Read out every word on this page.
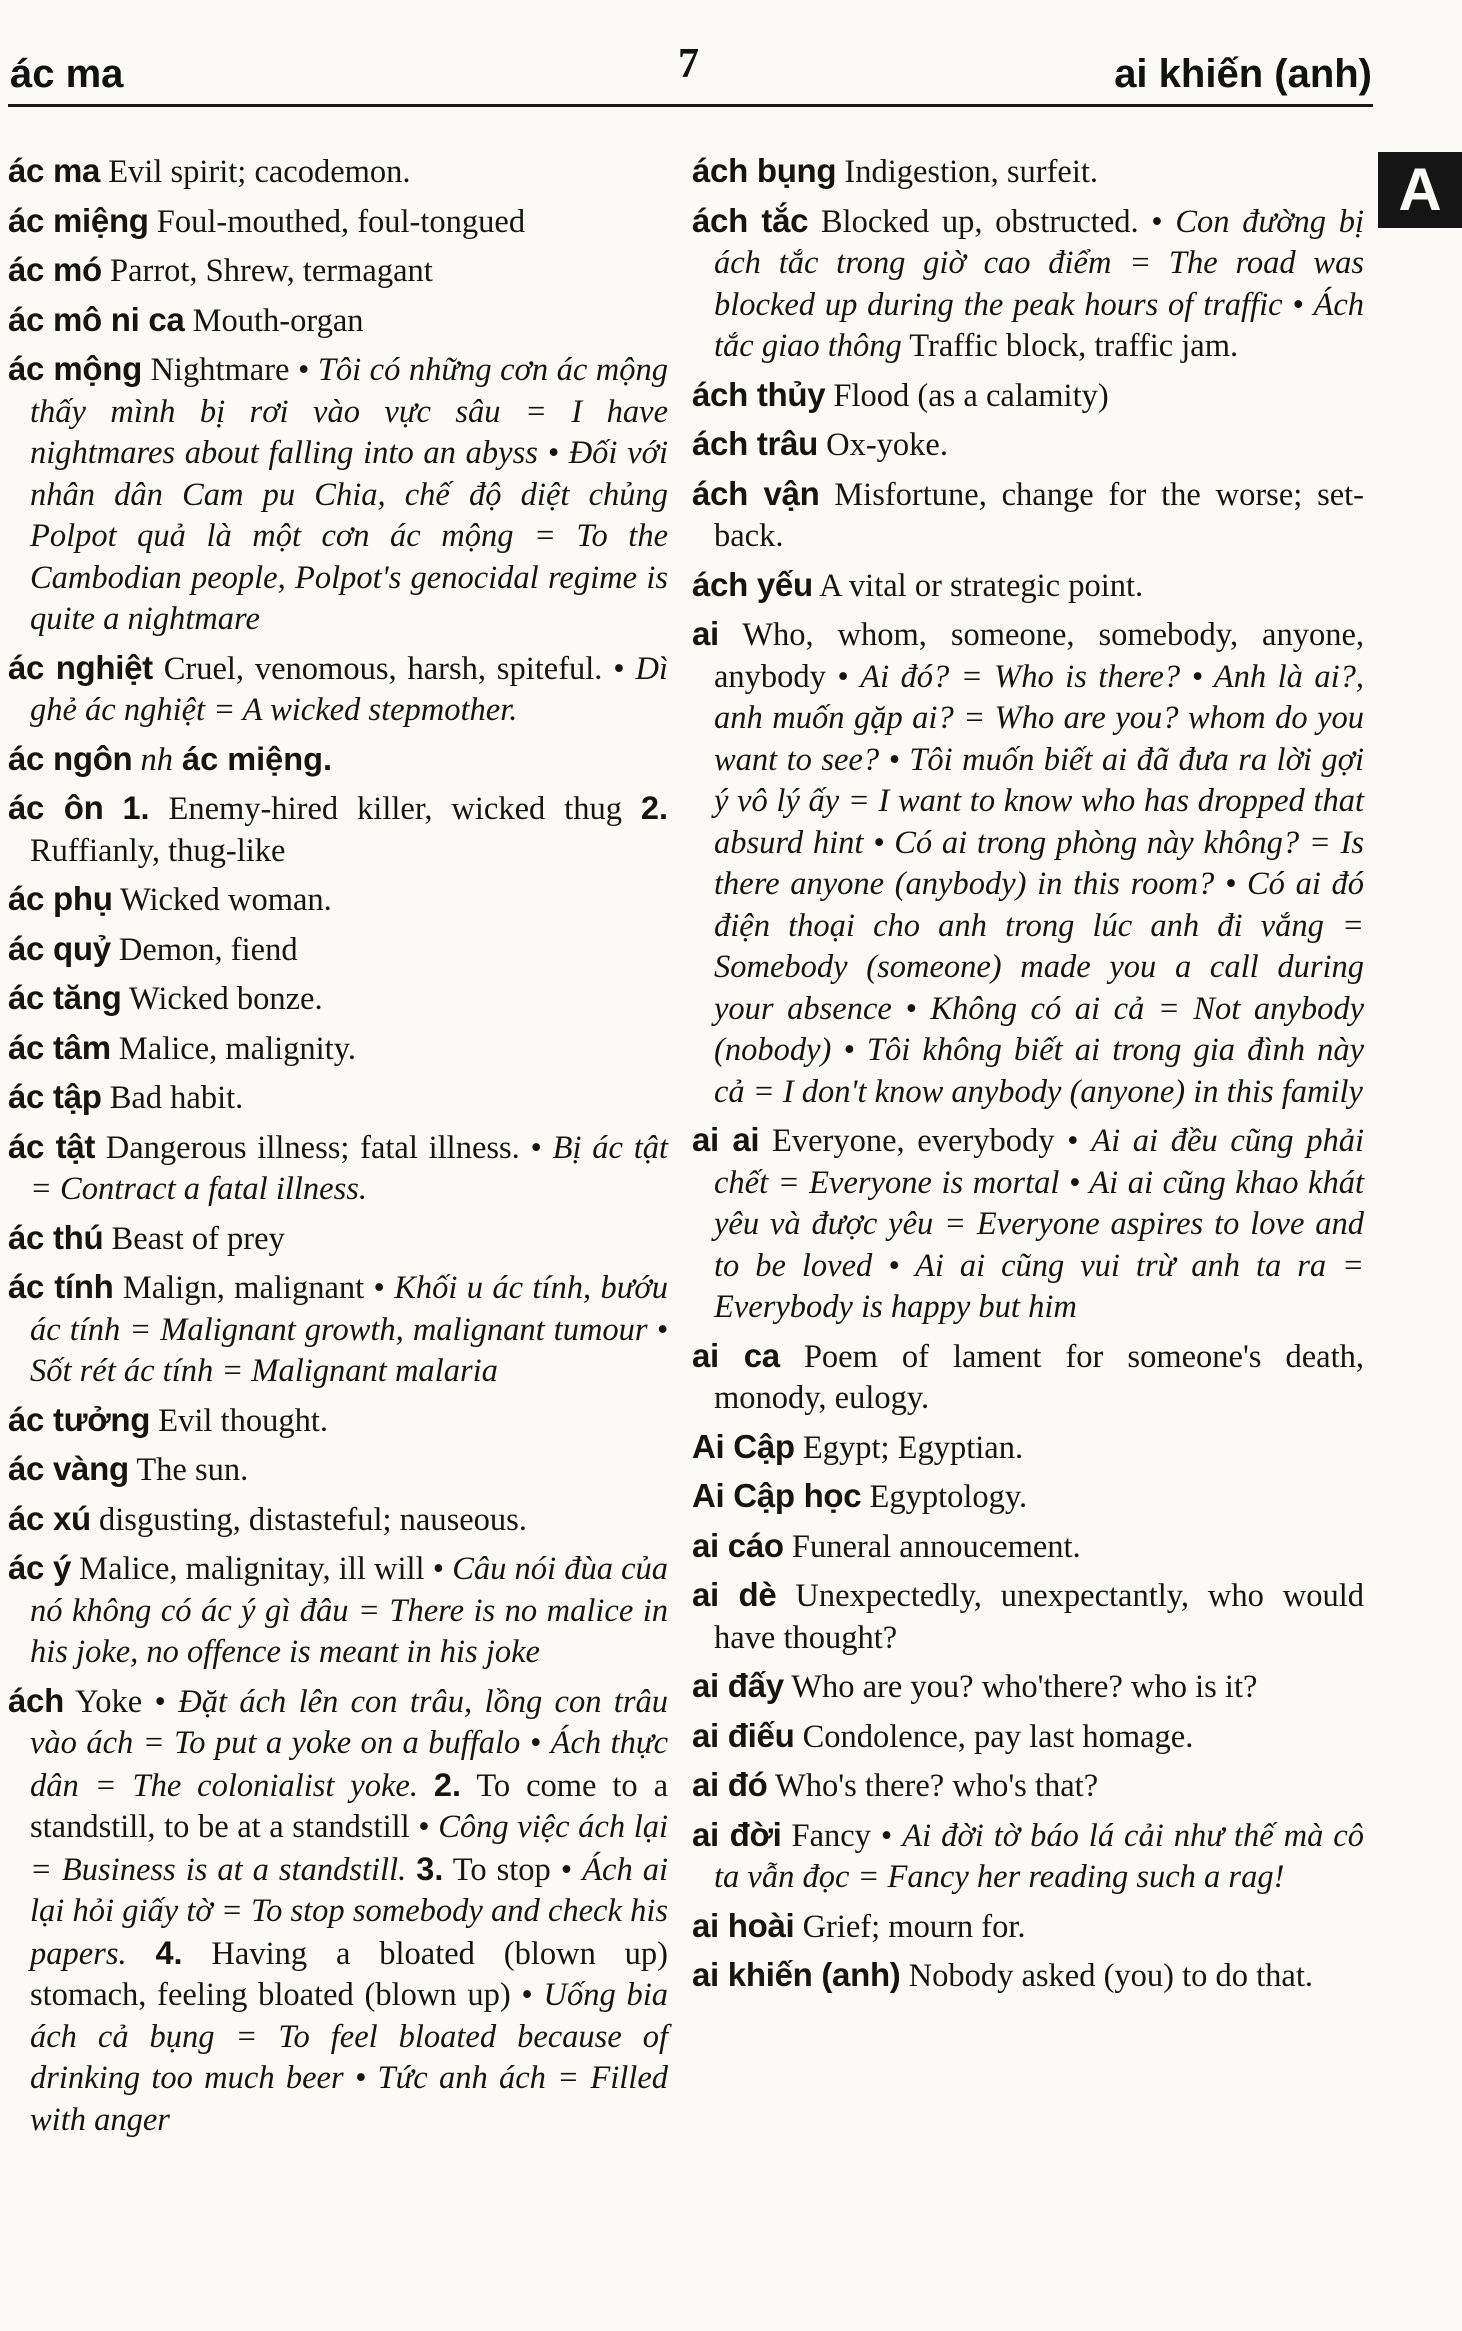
ác ma	7	ai khiến (anh)
A

ác ma Evil spirit; cacodemon.

ác miệng Foul-mouthed, foul-tongued

ác mó Parrot, Shrew, termagant

ác mô ni ca Mouth-organ

ác mộng Nightmare • Tôi có những cơn ác mộng thấy mình bị rơi vào vực sâu = I have nightmares about falling into an abyss • Đối với nhân dân Cam pu Chia, chế độ diệt chủng Polpot quả là một cơn ác mộng = To the Cambodian people, Polpot's genocidal regime is quite a nightmare

ác nghiệt Cruel, venomous, harsh, spiteful. • Dì ghẻ ác nghiệt = A wicked stepmother.

ác ngôn nh ác miệng.

ác ôn 1. Enemy-hired killer, wicked thug 2. Ruffianly, thug-like

ác phụ Wicked woman.

ác quỷ Demon, fiend

ác tăng Wicked bonze.

ác tâm Malice, malignity.

ác tập Bad habit.

ác tật Dangerous illness; fatal illness. • Bị ác tật = Contract a fatal illness.

ác thú Beast of prey

ác tính Malign, malignant • Khối u ác tính, bướu ác tính = Malignant growth, malignant tumour • Sốt rét ác tính = Malignant malaria

ác tưởng Evil thought.

ác vàng The sun.

ác xú disgusting, distasteful; nauseous.

ác ý Malice, malignitay, ill will • Câu nói đùa của nó không có ác ý gì đâu = There is no malice in his joke, no offence is meant in his joke

ách Yoke • Đặt ách lên con trâu, lồng con trâu vào ách = To put a yoke on a buffalo • Ách thực dân = The colonialist yoke. 2. To come to a standstill, to be at a standstill • Công việc ách lại = Business is at a standstill. 3. To stop • Ách ai lại hỏi giấy tờ = To stop somebody and check his papers. 4. Having a bloated (blown up) stomach, feeling bloated (blown up) • Uống bia ách cả bụng = To feel bloated because of drinking too much beer • Tức anh ách = Filled with anger

ách bụng Indigestion, surfeit.

ách tắc Blocked up, obstructed. • Con đường bị ách tắc trong giờ cao điểm = The road was blocked up during the peak hours of traffic • Ách tắc giao thông Traffic block, traffic jam.

ách thủy Flood (as a calamity)

ách trâu Ox-yoke.

ách vận Misfortune, change for the worse; set-back.

ách yếu A vital or strategic point.

ai Who, whom, someone, somebody, anyone, anybody • Ai đó? = Who is there? • Anh là ai?, anh muốn gặp ai? = Who are you? whom do you want to see? • Tôi muốn biết ai đã đưa ra lời gợi ý vô lý ấy = I want to know who has dropped that absurd hint • Có ai trong phòng này không? = Is there anyone (anybody) in this room? • Có ai đó điện thoại cho anh trong lúc anh đi vắng = Somebody (someone) made you a call during your absence • Không có ai cả = Not anybody (nobody) • Tôi không biết ai trong gia đình này cả = I don't know anybody (anyone) in this family

ai ai Everyone, everybody • Ai ai đều cũng phải chết = Everyone is mortal • Ai ai cũng khao khát yêu và được yêu = Everyone aspires to love and to be loved • Ai ai cũng vui trừ anh ta ra = Everybody is happy but him

ai ca Poem of lament for someone's death, monody, eulogy.

Ai Cập Egypt; Egyptian.

Ai Cập học Egyptology.

ai cáo Funeral annoucement.

ai dè Unexpectedly, unexpectantly, who would have thought?

ai đấy Who are you? who'there? who is it?

ai điếu Condolence, pay last homage.

ai đó Who's there? who's that?

ai đời Fancy • Ai đời tờ báo lá cải như thế mà cô ta vẫn đọc = Fancy her reading such a rag!

ai hoài Grief; mourn for.

ai khiến (anh) Nobody asked (you) to do that.
